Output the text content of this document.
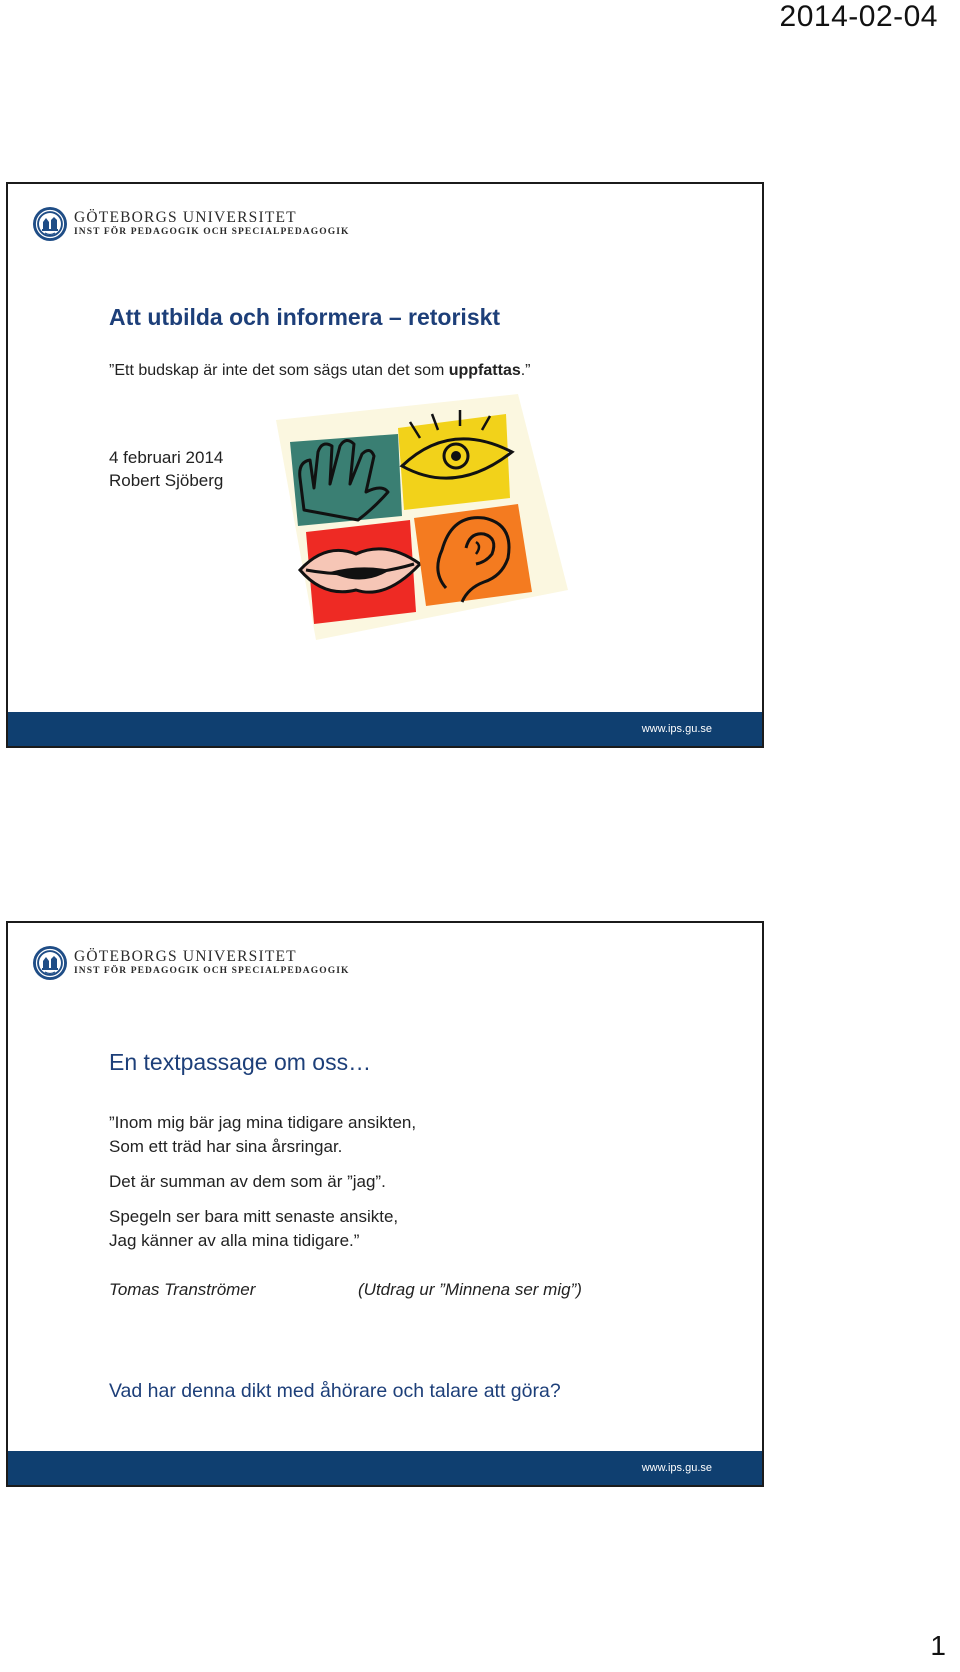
2014-02-04
GÖTEBORGS UNIVERSITET
INST FÖR PEDAGOGIK OCH SPECIALPEDAGOGIK
Att utbilda och informera – retoriskt
”Ett budskap är inte det som sägs utan det som uppfattas.”
4 februari 2014
Robert Sjöberg
www.ips.gu.se
GÖTEBORGS UNIVERSITET
INST FÖR PEDAGOGIK OCH SPECIALPEDAGOGIK
En textpassage om oss…
”Inom mig bär jag mina tidigare ansikten,
Som ett träd har sina årsringar.
Det är summan av dem som är ”jag”.
Spegeln ser bara mitt senaste ansikte,
Jag känner av alla mina tidigare.”
Tomas Tranströmer	(Utdrag ur ”Minnena ser mig”)
Vad har denna dikt med åhörare och talare att göra?
www.ips.gu.se
1
